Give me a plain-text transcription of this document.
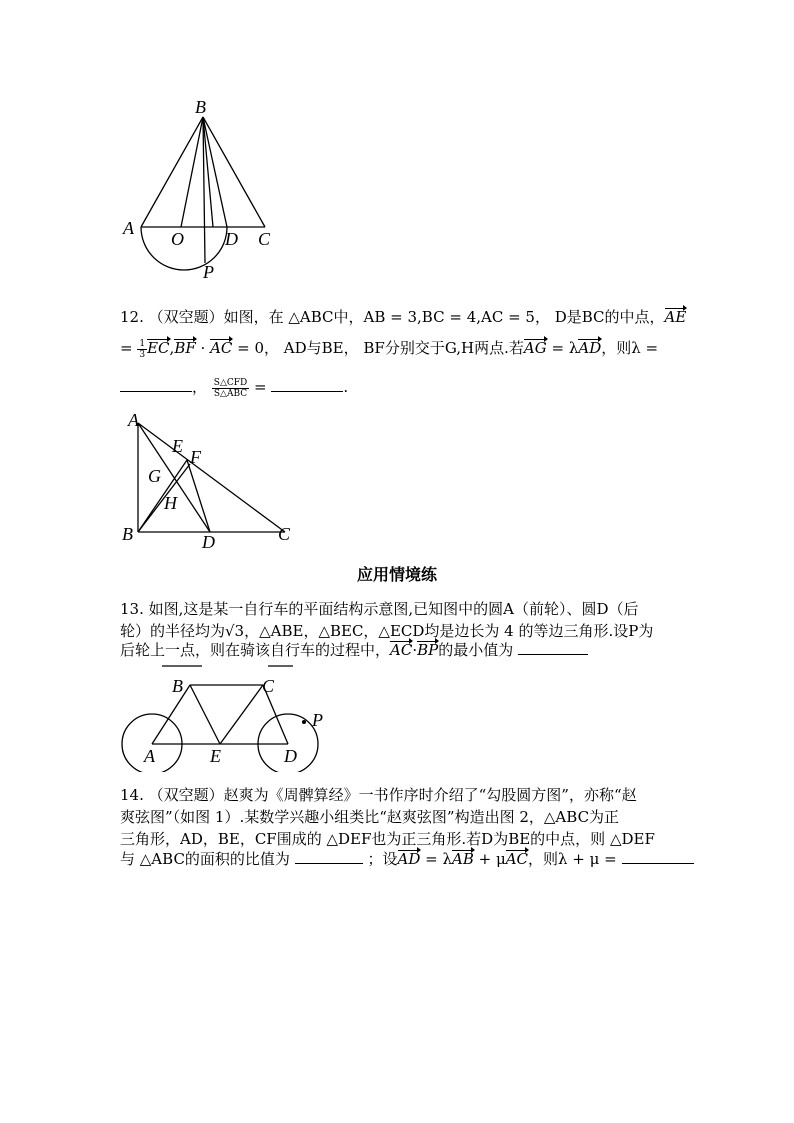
B
A
O D C
P
12. （双空题）如图，在 △ABC中，AB = 3,BC = 4,AC = 5， D是BC的中点，AE
= $\frac{1}{3} EC,BF$ · AC = 0， AD与BE， BF分别交于G,H两点.若AG = λAD，则λ =
， $\frac{\text{S△CFD}}{\text{S△ABC}}$ =	.
A
E
F
G
H
B	D	C
应用情境练
13. 如图,这是某一自行车的平面结构示意图,已知图中的圆A（前轮）、圆D（后
轮）的半径均为√3，△ABE，△BEC，△ECD均是边长为 4 的等边三角形.设P为
后轮上一点，则在骑该自行车的过程中，AC·BP的最小值为
B	C
P
A	E	D
14. （双空题）赵爽为《周髀算经》一书作序时介绍了“勾股圆方图”，亦称“赵
爽弦图”（如图 1）.某数学兴趣小组类比“赵爽弦图”构造出图 2，△ABC为正
三角形，AD，BE，CF围成的 △DEF也为正三角形.若D为BE的中点，则 △DEF
与 △ABC的面积的比值为	；设AD = λAB + μAC，则λ + μ =
